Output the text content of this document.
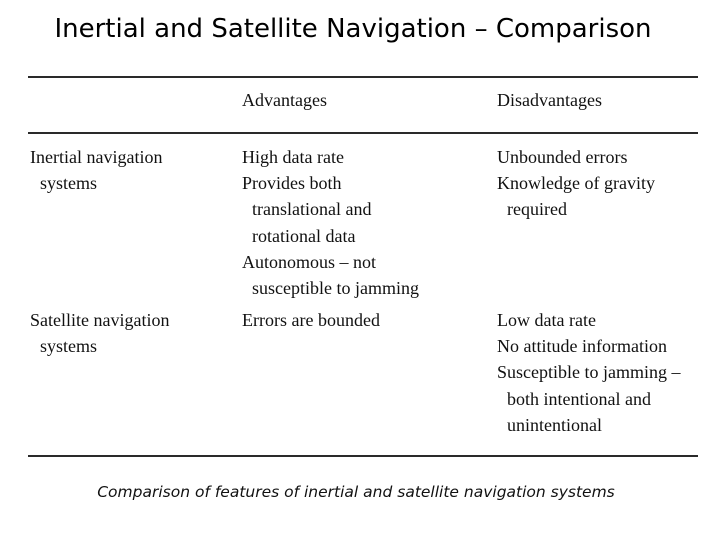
Inertial and Satellite Navigation – Comparison
Advantages	Disadvantages
Inertial navigation
systems
High data rate
Provides both
translational and
rotational data
Autonomous – not
susceptible to jamming
Unbounded errors
Knowledge of gravity
required
Satellite navigation
systems
Errors are bounded	Low data rate
No attitude information
Susceptible to jamming –
both intentional and
unintentional
Comparison of features of inertial and satellite navigation systems
